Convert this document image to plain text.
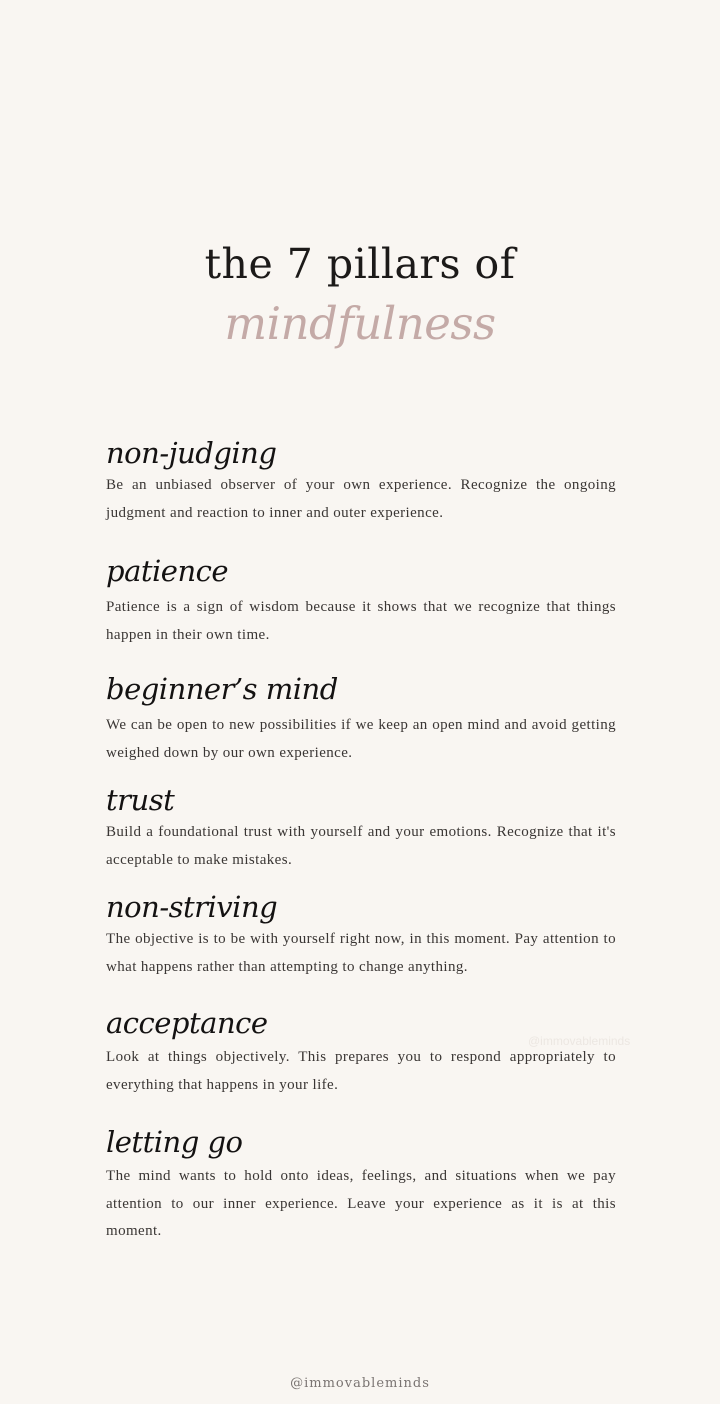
the 7 pillars of
mindfulness
non-judging
Be an unbiased observer of your own experience. Recognize the ongoing judgment and reaction to inner and outer experience.
patience
Patience is a sign of wisdom because it shows that we recognize that things happen in their own time.
beginner’s mind
We can be open to new possibilities if we keep an open mind and avoid getting weighed down by our own experience.
trust
Build a foundational trust with yourself and your emotions. Recognize that it's acceptable to make mistakes.
non-striving
The objective is to be with yourself right now, in this moment. Pay attention to what happens rather than attempting to change anything.
acceptance
Look at things objectively. This prepares you to respond appropriately to everything that happens in your life.
letting go
The mind wants to hold onto ideas, feelings, and situations when we pay attention to our inner experience. Leave your experience as it is at this moment.
@immovableminds
@immovableminds
